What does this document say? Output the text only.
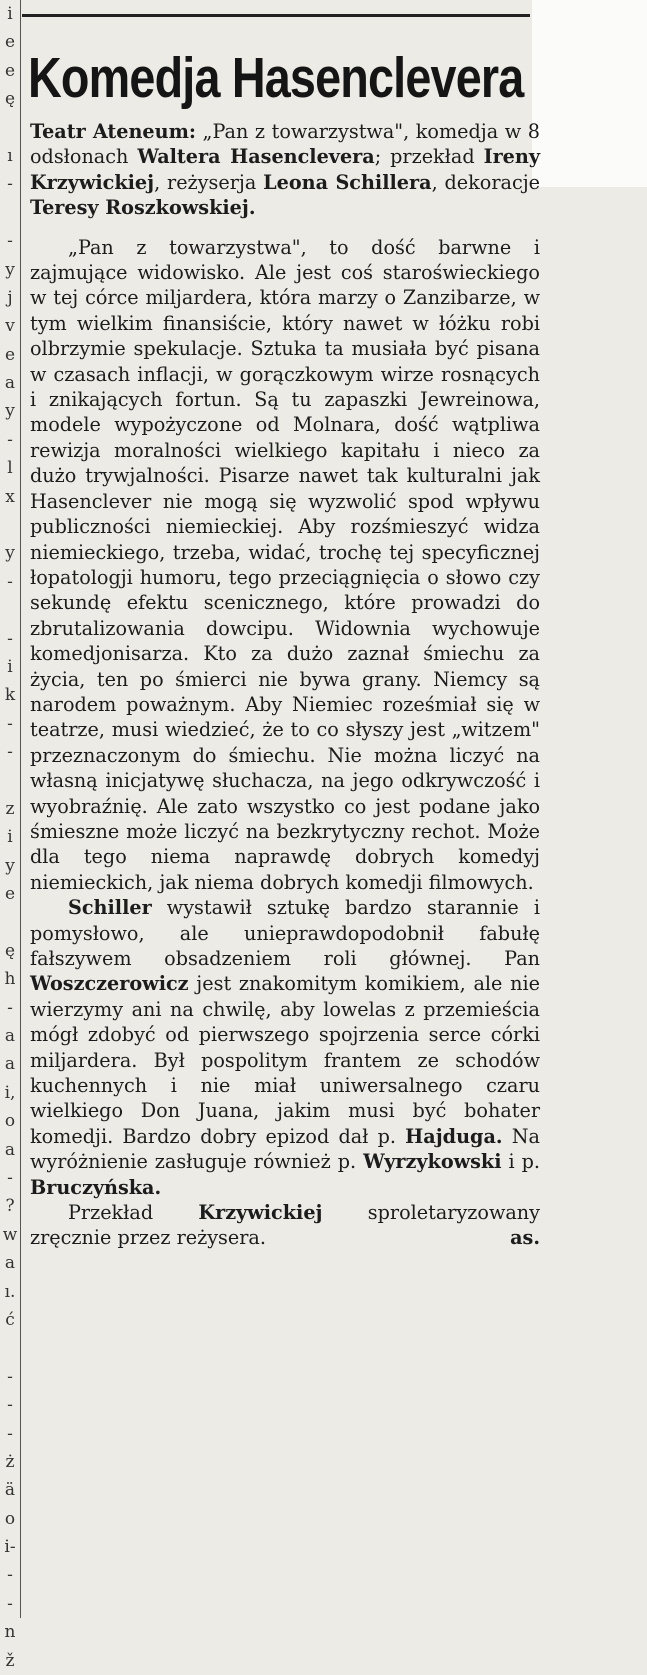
i
e
e
ę
ı
-
-
y
j
v
e
a
y
-
l
x
y
-
-
i
k
-
-
z
i
y
e
ę
h
-
a
a
i,
o
a
-
?
w
a
ı.
ć
-
-
-
ż
ä
o
i-
-
-
n
ž
Komedja Hasenclevera

Teatr Ateneum: „Pan z towarzystwa", komedja w 8 odsłonach Waltera Hasenclevera; przekład Ireny Krzywickiej, reżyserja Leona Schillera, dekoracje Teresy Roszkowskiej.

„Pan z towarzystwa", to dość barwne i zajmujące widowisko. Ale jest coś staroświeckiego w tej córce miljardera, która marzy o Zanzibarze, w tym wielkim finansiście, który nawet w łóżku robi olbrzymie spekulacje. Sztuka ta musiała być pisana w czasach inflacji, w gorączkowym wirze rosnących i znikających fortun. Są tu zapaszki Jewreinowa, modele wypożyczone od Molnara, dość wątpliwa rewizja moralności wielkiego kapitału i nieco za dużo trywjalności. Pisarze nawet tak kulturalni jak Hasenclever nie mogą się wyzwolić spod wpływu publiczności niemieckiej. Aby rozśmieszyć widza niemieckiego, trzeba, widać, trochę tej specyficznej łopatologji humoru, tego przeciągnięcia o słowo czy sekundę efektu scenicznego, które prowadzi do zbrutalizowania dowcipu. Widownia wychowuje komedjonisarza. Kto za dużo zaznał śmiechu za życia, ten po śmierci nie bywa grany. Niemcy są narodem poważnym. Aby Niemiec roześmiał się w teatrze, musi wiedzieć, że to co słyszy jest „witzem" przeznaczonym do śmiechu. Nie można liczyć na własną inicjatywę słuchacza, na jego odkrywczość i wyobraźnię. Ale zato wszystko co jest podane jako śmieszne może liczyć na bezkrytyczny rechot. Może dla tego niema naprawdę dobrych komedyj niemieckich, jak niema dobrych komedji filmowych.

Schiller wystawił sztukę bardzo starannie i pomysłowo, ale unieprawdopodobnił fabułę fałszywem obsadzeniem roli głównej. Pan Woszczerowicz jest znakomitym komikiem, ale nie wierzymy ani na chwilę, aby lowelas z przemieścia mógł zdobyć od pierwszego spojrzenia serce córki miljardera. Był pospolitym frantem ze schodów kuchennych i nie miał uniwersalnego czaru wielkiego Don Juana, jakim musi być bohater komedji. Bardzo dobry epizod dał p. Hajduga. Na wyróżnienie zasługuje również p. Wyrzykowski i p. Bruczyńska.

Przekład Krzywickiej sproletaryzowany zręcznie przez reżysera.	as.
